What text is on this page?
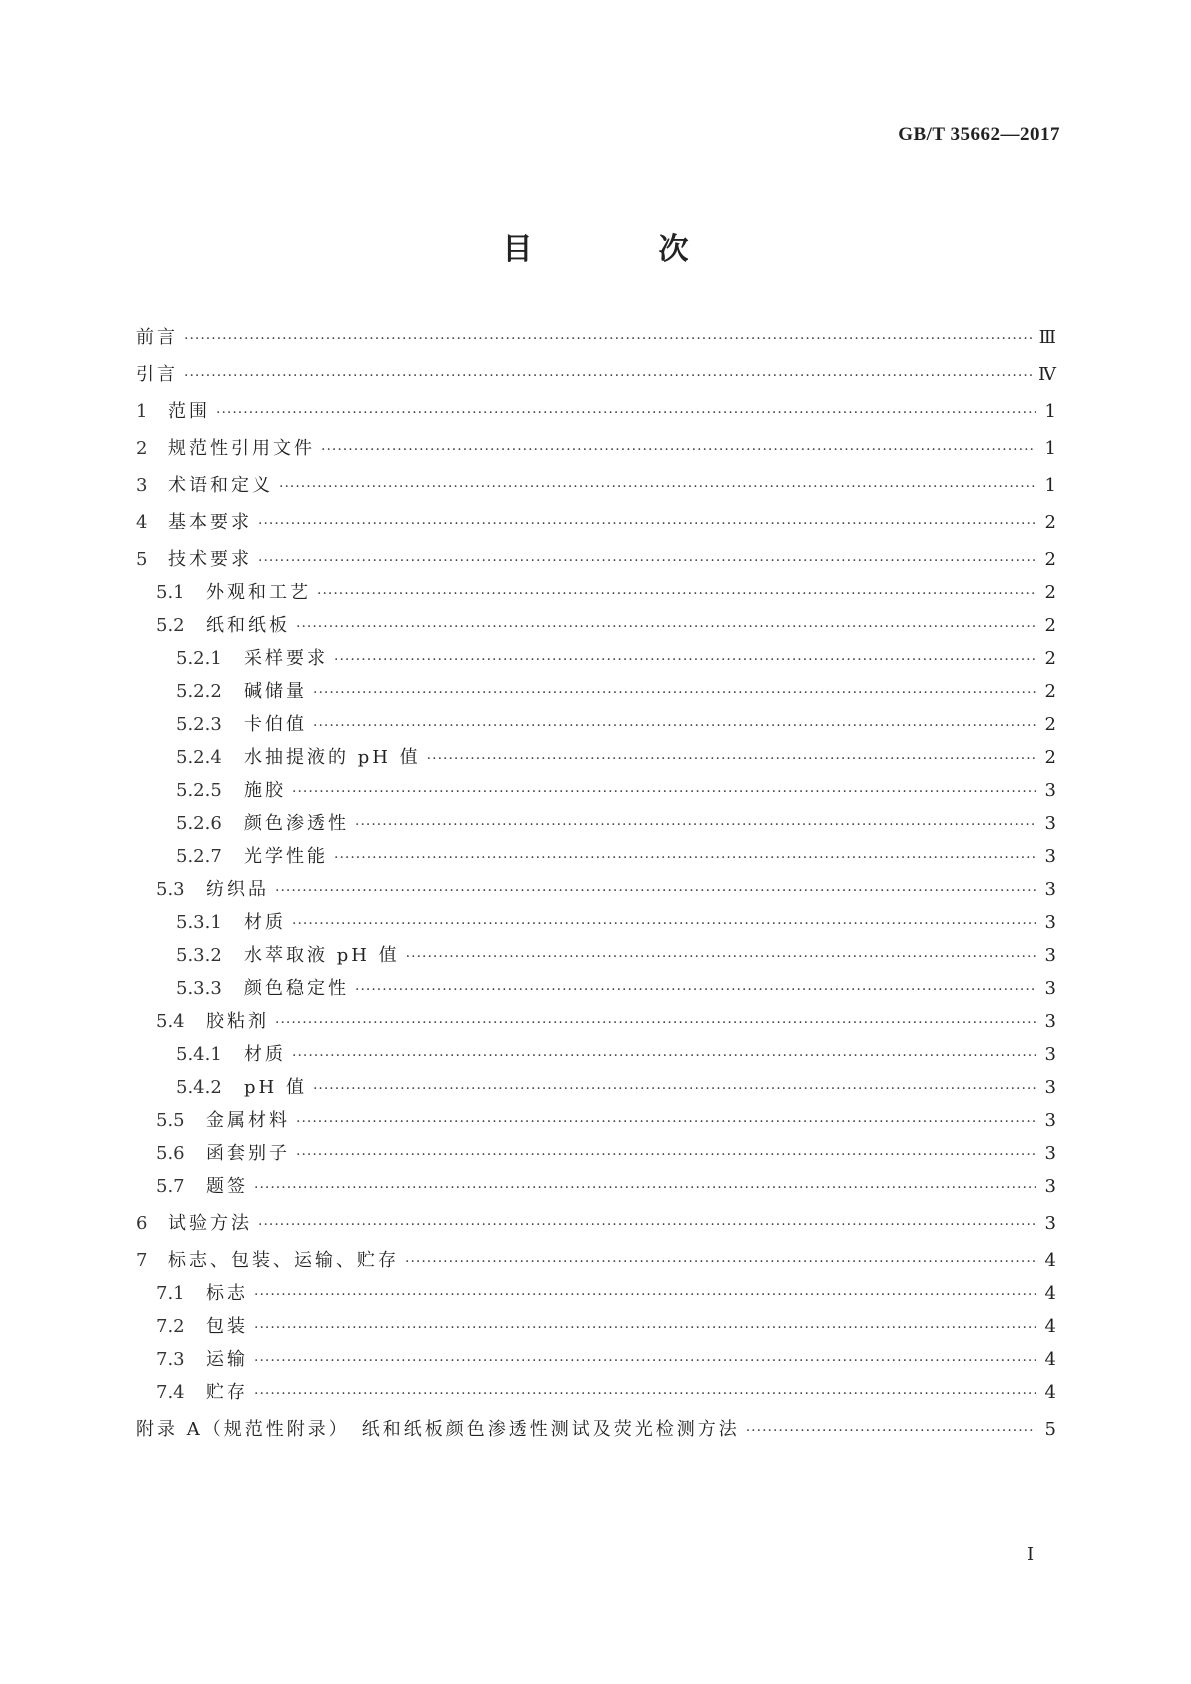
GB/T 35662—2017
目　次
前言 ·····	Ⅲ
引言 ·····	Ⅳ
1	范围 ·····	1
2	规范性引用文件 ·····	1
3	术语和定义 ·····	1
4	基本要求 ·····	2
5	技术要求 ·····	2
5.1	外观和工艺 ·····	2
5.2	纸和纸板 ·····	2
5.2.1	采样要求 ·····	2
5.2.2	碱储量 ·····	2
5.2.3	卡伯值 ·····	2
5.2.4	水抽提液的 pH 值 ·····	2
5.2.5	施胶 ·····	3
5.2.6	颜色渗透性 ·····	3
5.2.7	光学性能 ·····	3
5.3	纺织品 ·····	3
5.3.1	材质 ·····	3
5.3.2	水萃取液 pH 值 ·····	3
5.3.3	颜色稳定性 ·····	3
5.4	胶粘剂 ·····	3
5.4.1	材质 ·····	3
5.4.2	pH 值 ·····	3
5.5	金属材料 ·····	3
5.6	函套别子 ·····	3
5.7	题签 ·····	3
6	试验方法 ·····	3
7	标志、包装、运输、贮存 ·····	4
7.1	标志 ·····	4
7.2	包装 ·····	4
7.3	运输 ·····	4
7.4	贮存 ·····	4
附录 A（规范性附录）　纸和纸板颜色渗透性测试及荧光检测方法 ·····	5
I
